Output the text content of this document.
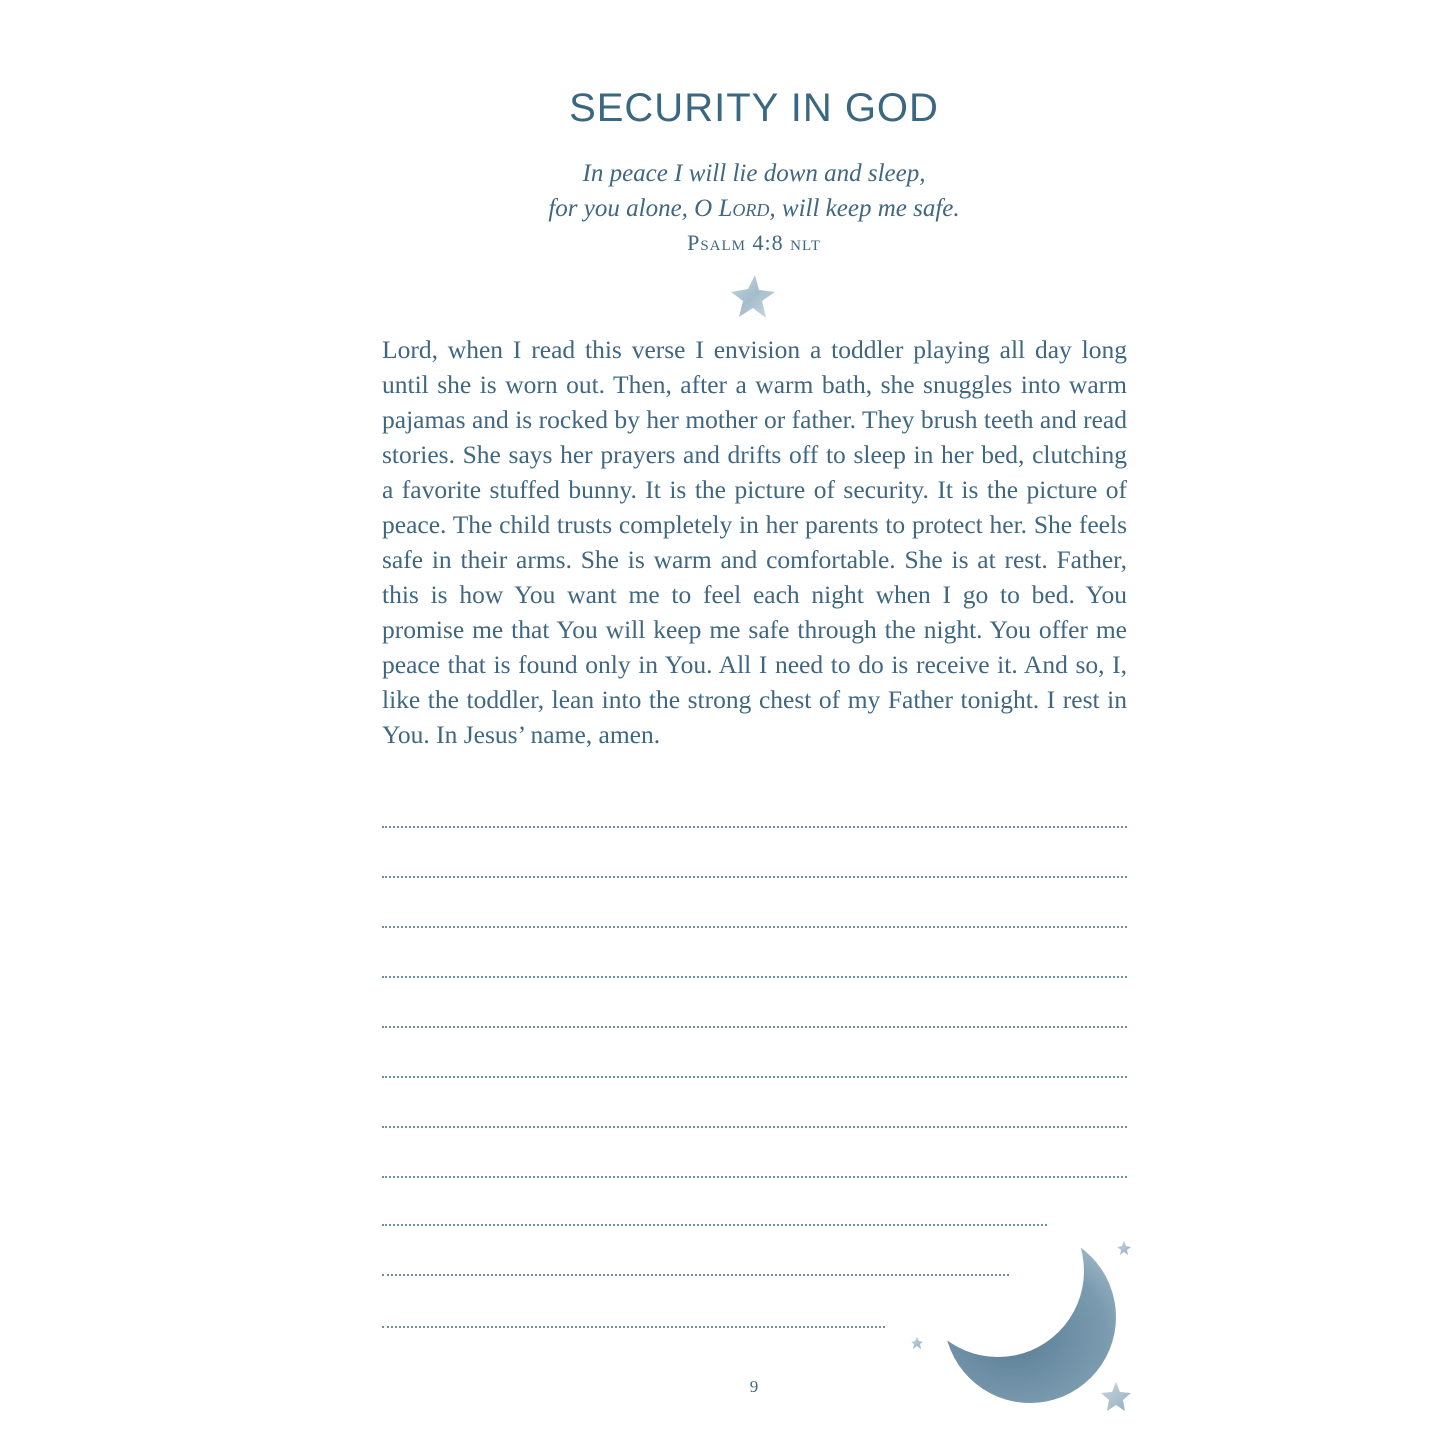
SECURITY IN GOD
In peace I will lie down and sleep,
for you alone, O Lord, will keep me safe.
Psalm 4:8 nlt

Lord, when I read this verse I envision a toddler playing all day long until she is worn out. Then, after a warm bath, she snuggles into warm pajamas and is rocked by her mother or father. They brush teeth and read stories. She says her prayers and drifts off to sleep in her bed, clutching a favorite stuffed bunny. It is the picture of security. It is the picture of peace. The child trusts completely in her parents to protect her. She feels safe in their arms. She is warm and comfortable. She is at rest. Father, this is how You want me to feel each night when I go to bed. You promise me that You will keep me safe through the night. You offer me peace that is found only in You. All I need to do is receive it. And so, I, like the toddler, lean into the strong chest of my Father tonight. I rest in You. In Jesus’ name, amen.

9
